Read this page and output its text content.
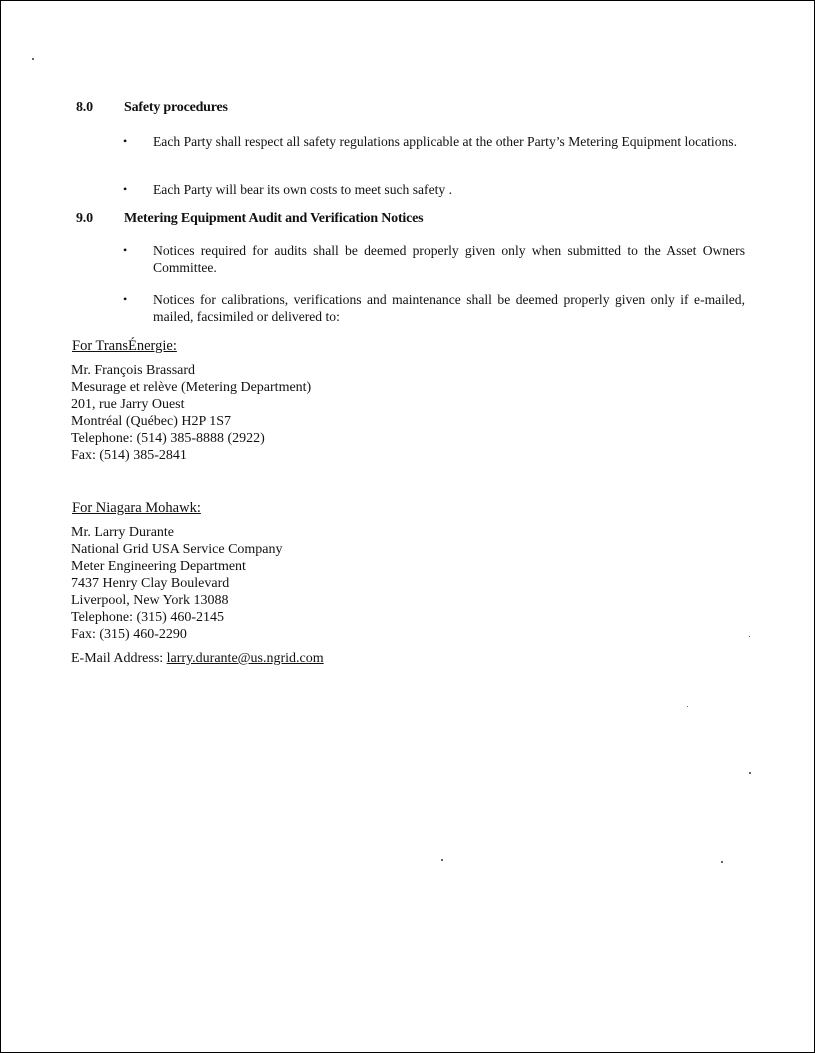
8.0 Safety procedures
•	Each Party shall respect all safety regulations applicable at the other Party’s Metering Equipment locations.
•	Each Party will bear its own costs to meet such safety .
9.0 Metering Equipment Audit and Verification Notices
•	Notices required for audits shall be deemed properly given only when submitted to the Asset Owners Committee.
•	Notices for calibrations, verifications and maintenance shall be deemed properly given only if e-mailed, mailed, facsimiled or delivered to:
For TransÉnergie:
Mr. François Brassard
Mesurage et relève (Metering Department)
201, rue Jarry Ouest
Montréal (Québec) H2P 1S7
Telephone: (514) 385-8888 (2922)
Fax: (514) 385-2841
For Niagara Mohawk:
Mr. Larry Durante
National Grid USA Service Company
Meter Engineering Department
7437 Henry Clay Boulevard
Liverpool, New York 13088
Telephone: (315) 460-2145
Fax: (315) 460-2290
E-Mail Address: larry.durante@us.ngrid.com
